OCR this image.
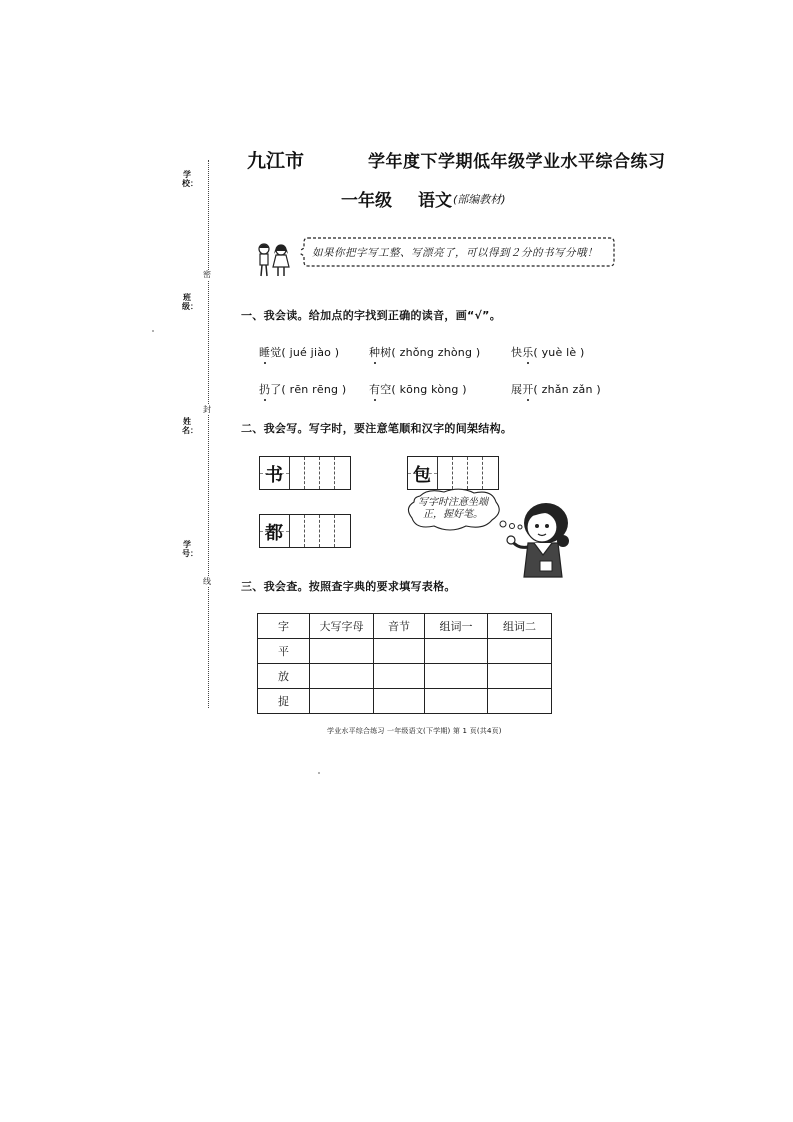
学校：
班级：
姓名：
学号：
密
封
线
九江市	学年度下学期低年级学业水平综合练习
一年级 语文 (部编教材)
如果你把字写工整、写漂亮了，可以得到２分的书写分哦！
一、我会读。给加点的字找到正确的读音，画“√”。
睡觉( jué jiào )	种树( zhǒng zhòng )	快乐( yuè lè )
扔了( rēn rēng ) 有空( kōng kòng )	展开( zhǎn zǎn )
二、我会写。写字时，要注意笔顺和汉字的间架结构。
书	包
都
写字时注意坐端正，握好笔。
三、我会查。按照查字典的要求填写表格。
字	大写字母	音节	组词一	组词二
平				
放				
捉				
学业水平综合练习 一年级语文(下学期) 第 1 页(共4页)
